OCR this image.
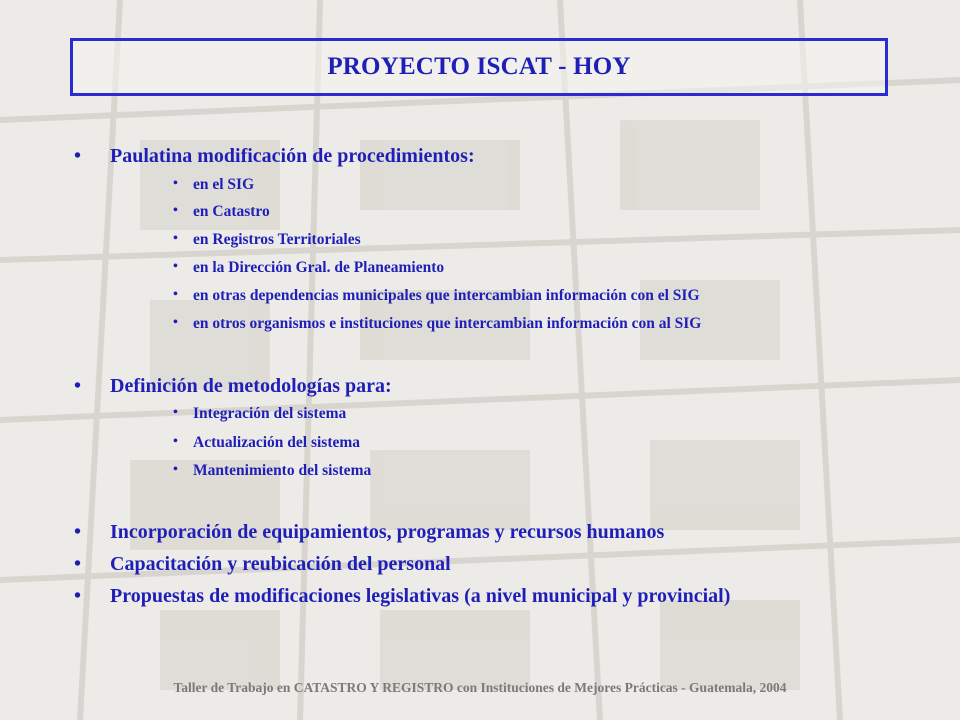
PROYECTO ISCAT - HOY
• Paulatina modificación de procedimientos:
• en el SIG
• en Catastro
• en Registros Territoriales
• en la Dirección Gral. de Planeamiento
• en otras dependencias municipales que intercambian información con el SIG
• en otros organismos e instituciones que intercambian información con al SIG
• Definición de metodologías para:
• Integración del sistema
• Actualización del sistema
• Mantenimiento del sistema
• Incorporación de equipamientos, programas y recursos humanos
• Capacitación y reubicación del personal
• Propuestas de modificaciones legislativas (a nivel municipal y provincial)
Taller de Trabajo en CATASTRO Y REGISTRO con Instituciones de Mejores Prácticas - Guatemala, 2004
